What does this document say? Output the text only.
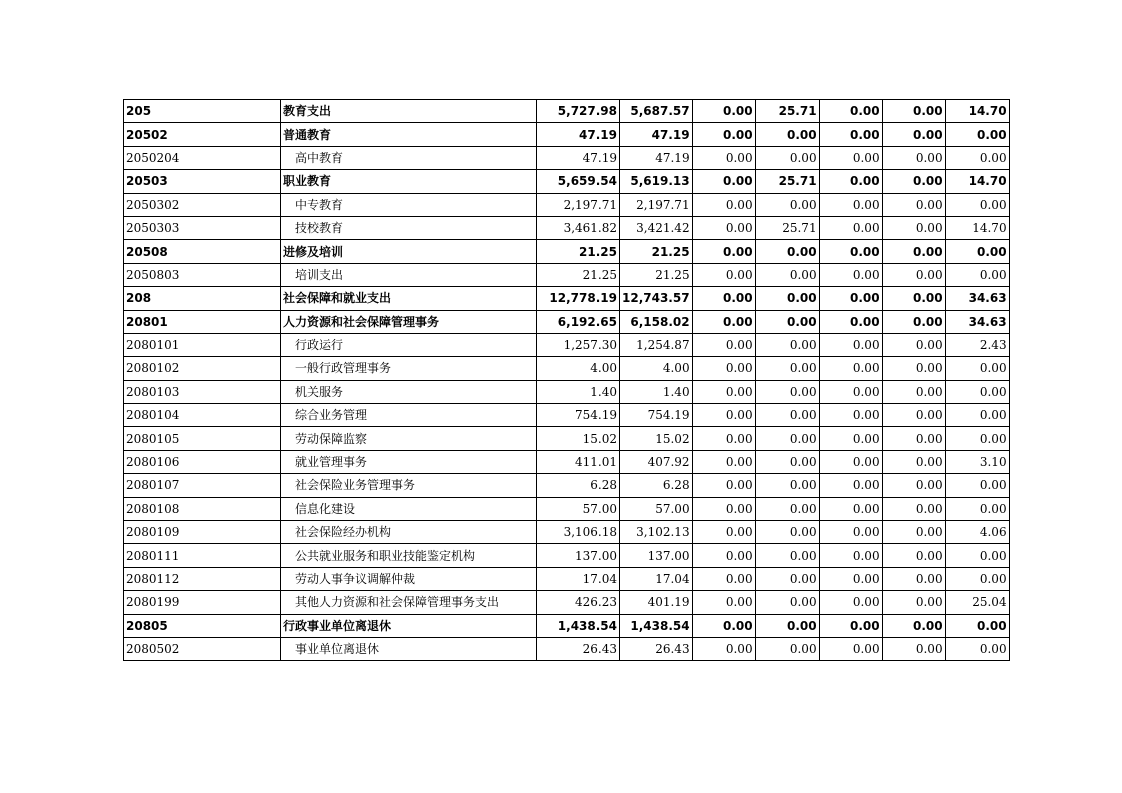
205	教育支出	5,727.98	5,687.57	0.00	25.71	0.00	0.00	14.70
20502	普通教育	47.19	47.19	0.00	0.00	0.00	0.00	0.00
2050204	高中教育	47.19	47.19	0.00	0.00	0.00	0.00	0.00
20503	职业教育	5,659.54	5,619.13	0.00	25.71	0.00	0.00	14.70
2050302	中专教育	2,197.71	2,197.71	0.00	0.00	0.00	0.00	0.00
2050303	技校教育	3,461.82	3,421.42	0.00	25.71	0.00	0.00	14.70
20508	进修及培训	21.25	21.25	0.00	0.00	0.00	0.00	0.00
2050803	培训支出	21.25	21.25	0.00	0.00	0.00	0.00	0.00
208	社会保障和就业支出	12,778.19	12,743.57	0.00	0.00	0.00	0.00	34.63
20801	人力资源和社会保障管理事务	6,192.65	6,158.02	0.00	0.00	0.00	0.00	34.63
2080101	行政运行	1,257.30	1,254.87	0.00	0.00	0.00	0.00	2.43
2080102	一般行政管理事务	4.00	4.00	0.00	0.00	0.00	0.00	0.00
2080103	机关服务	1.40	1.40	0.00	0.00	0.00	0.00	0.00
2080104	综合业务管理	754.19	754.19	0.00	0.00	0.00	0.00	0.00
2080105	劳动保障监察	15.02	15.02	0.00	0.00	0.00	0.00	0.00
2080106	就业管理事务	411.01	407.92	0.00	0.00	0.00	0.00	3.10
2080107	社会保险业务管理事务	6.28	6.28	0.00	0.00	0.00	0.00	0.00
2080108	信息化建设	57.00	57.00	0.00	0.00	0.00	0.00	0.00
2080109	社会保险经办机构	3,106.18	3,102.13	0.00	0.00	0.00	0.00	4.06
2080111	公共就业服务和职业技能鉴定机构	137.00	137.00	0.00	0.00	0.00	0.00	0.00
2080112	劳动人事争议调解仲裁	17.04	17.04	0.00	0.00	0.00	0.00	0.00
2080199	其他人力资源和社会保障管理事务支出	426.23	401.19	0.00	0.00	0.00	0.00	25.04
20805	行政事业单位离退休	1,438.54	1,438.54	0.00	0.00	0.00	0.00	0.00
2080502	事业单位离退休	26.43	26.43	0.00	0.00	0.00	0.00	0.00
